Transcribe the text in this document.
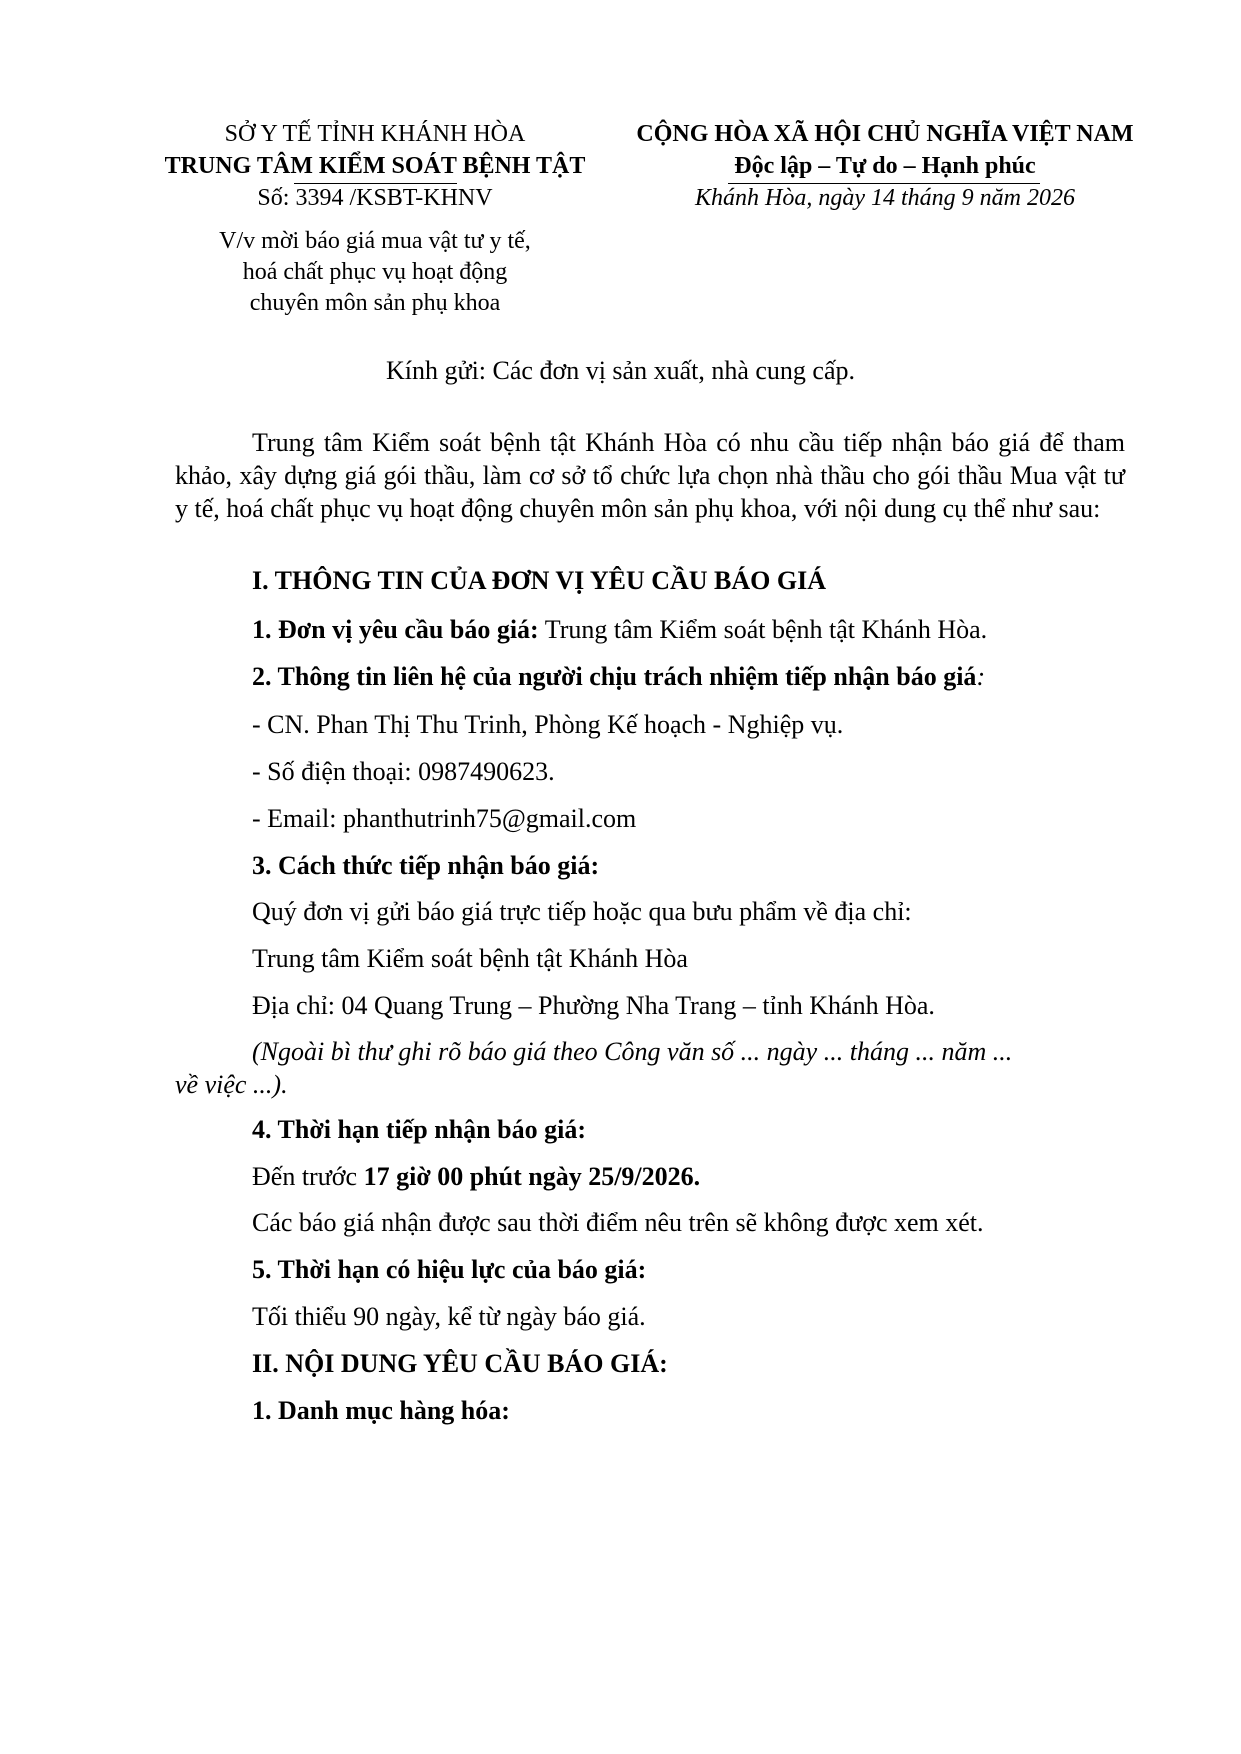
SỞ Y TẾ TỈNH KHÁNH HÒA
TRUNG TÂM KIỂM SOÁT BỆNH TẬT
Số: 3394 /KSBT-KHNV
V/v mời báo giá mua vật tư y tế,
hoá chất phục vụ hoạt động
chuyên môn sản phụ khoa
CỘNG HÒA XÃ HỘI CHỦ NGHĨA VIỆT NAM
Độc lập – Tự do – Hạnh phúc
Khánh Hòa, ngày 14 tháng 9 năm 2026
Kính gửi: Các đơn vị sản xuất, nhà cung cấp.
Trung tâm Kiểm soát bệnh tật Khánh Hòa có nhu cầu tiếp nhận báo giá để tham khảo, xây dựng giá gói thầu, làm cơ sở tổ chức lựa chọn nhà thầu cho gói thầu Mua vật tư y tế, hoá chất phục vụ hoạt động chuyên môn sản phụ khoa, với nội dung cụ thể như sau:
I. THÔNG TIN CỦA ĐƠN VỊ YÊU CẦU BÁO GIÁ
1. Đơn vị yêu cầu báo giá: Trung tâm Kiểm soát bệnh tật Khánh Hòa.
2. Thông tin liên hệ của người chịu trách nhiệm tiếp nhận báo giá:
- CN. Phan Thị Thu Trinh, Phòng Kế hoạch - Nghiệp vụ.
- Số điện thoại: 0987490623.
- Email: phanthutrinh75@gmail.com
3. Cách thức tiếp nhận báo giá:
Quý đơn vị gửi báo giá trực tiếp hoặc qua bưu phẩm về địa chỉ:
Trung tâm Kiểm soát bệnh tật Khánh Hòa
Địa chỉ: 04 Quang Trung – Phường Nha Trang – tỉnh Khánh Hòa.
(Ngoài bì thư ghi rõ báo giá theo Công văn số ... ngày ... tháng ... năm ...
về việc ...).
4. Thời hạn tiếp nhận báo giá:
Đến trước 17 giờ 00 phút ngày 25/9/2026.
Các báo giá nhận được sau thời điểm nêu trên sẽ không được xem xét.
5. Thời hạn có hiệu lực của báo giá:
Tối thiểu 90 ngày, kể từ ngày báo giá.
II. NỘI DUNG YÊU CẦU BÁO GIÁ:
1. Danh mục hàng hóa:
